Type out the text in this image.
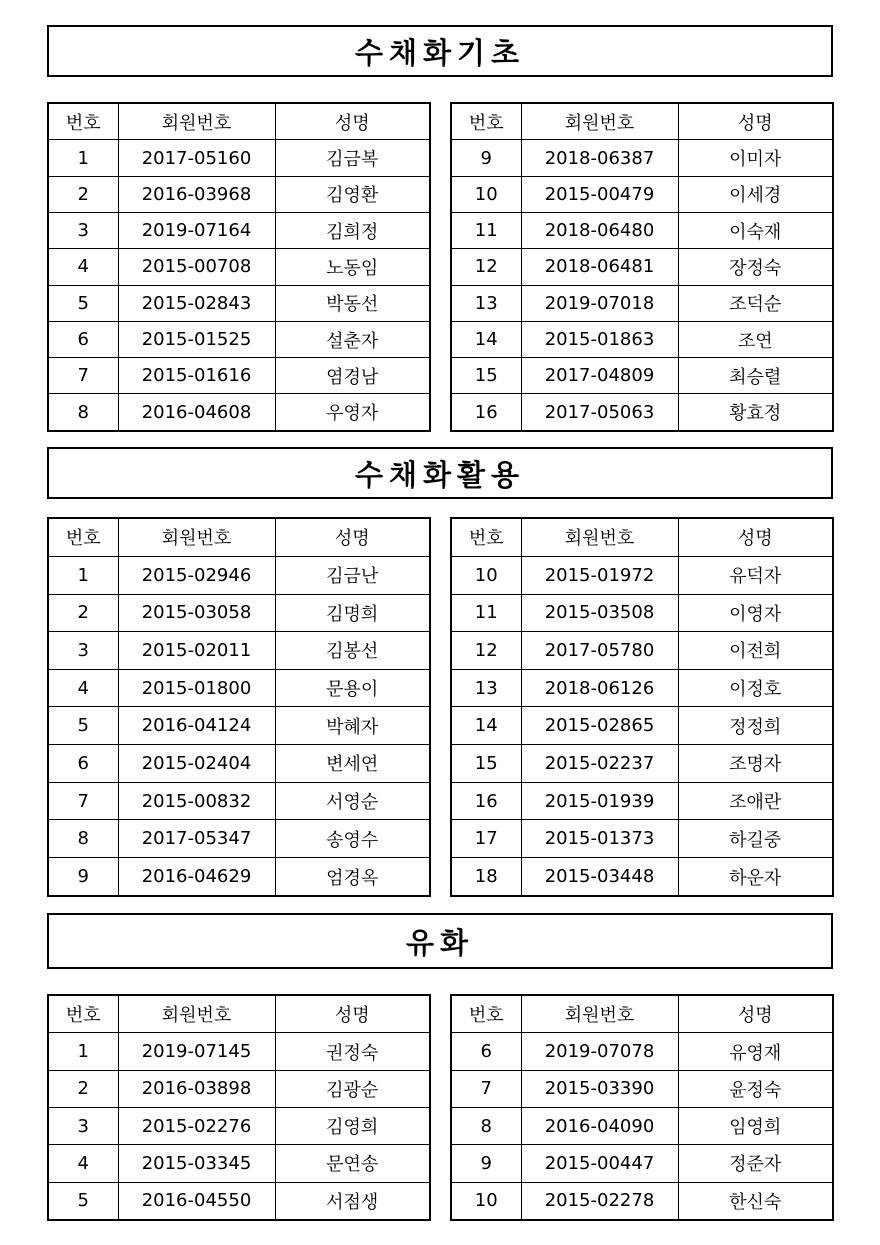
수채화기초
번호	회원번호	성명
1	2017-05160	김금복
2	2016-03968	김영환
3	2019-07164	김희정
4	2015-00708	노동임
5	2015-02843	박동선
6	2015-01525	설춘자
7	2015-01616	염경남
8	2016-04608	우영자
번호	회원번호	성명
9	2018-06387	이미자
10	2015-00479	이세경
11	2018-06480	이숙재
12	2018-06481	장정숙
13	2019-07018	조덕순
14	2015-01863	조연
15	2017-04809	최승렬
16	2017-05063	황효정
수채화활용
번호	회원번호	성명
1	2015-02946	김금난
2	2015-03058	김명희
3	2015-02011	김봉선
4	2015-01800	문용이
5	2016-04124	박혜자
6	2015-02404	변세연
7	2015-00832	서영순
8	2017-05347	송영수
9	2016-04629	엄경옥
번호	회원번호	성명
10	2015-01972	유덕자
11	2015-03508	이영자
12	2017-05780	이전희
13	2018-06126	이정호
14	2015-02865	정정희
15	2015-02237	조명자
16	2015-01939	조애란
17	2015-01373	하길중
18	2015-03448	하운자
유화
번호	회원번호	성명
1	2019-07145	권정숙
2	2016-03898	김광순
3	2015-02276	김영희
4	2015-03345	문연송
5	2016-04550	서점생
번호	회원번호	성명
6	2019-07078	유영재
7	2015-03390	윤정숙
8	2016-04090	임영희
9	2015-00447	정준자
10	2015-02278	한신숙
